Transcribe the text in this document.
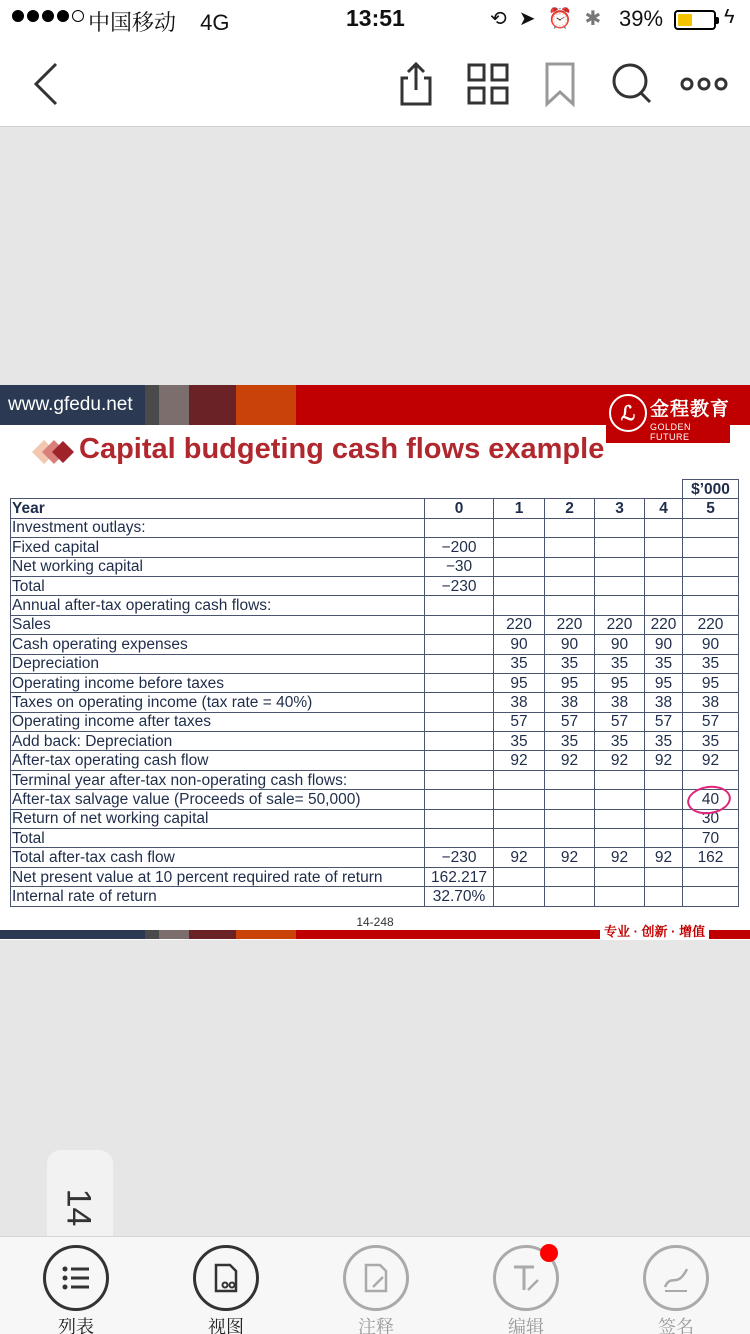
中国移动 4G	13:51	⟲ ➤ ⏰ ✱ 39%	ϟ
www.gfedu.net	ℒ 金程教育
GOLDEN FUTURE
Capital budgeting cash flows example
						$’000
Year	0	1	2	3	4	5
Investment outlays:						
Fixed capital	−200					
Net working capital	−30					
Total	−230					
Annual after-tax operating cash flows:						
Sales		220	220	220	220	220
Cash operating expenses		90	90	90	90	90
Depreciation		35	35	35	35	35
Operating income before taxes		95	95	95	95	95
Taxes on operating income (tax rate = 40%)		38	38	38	38	38
Operating income after taxes		57	57	57	57	57
Add back: Depreciation		35	35	35	35	35
After-tax operating cash flow		92	92	92	92	92
Terminal year after-tax non-operating cash flows:						
After-tax salvage value (Proceeds of sale= 50,000)						40

Return of net working capital						30
Total						70
Total after-tax cash flow	−230	92	92	92	92	162
Net present value at 10 percent required rate of return	162.217					
Internal rate of return	32.70%					
14-248
专业 · 创新 · 增值
14
列表	视图	注释	编辑	签名
